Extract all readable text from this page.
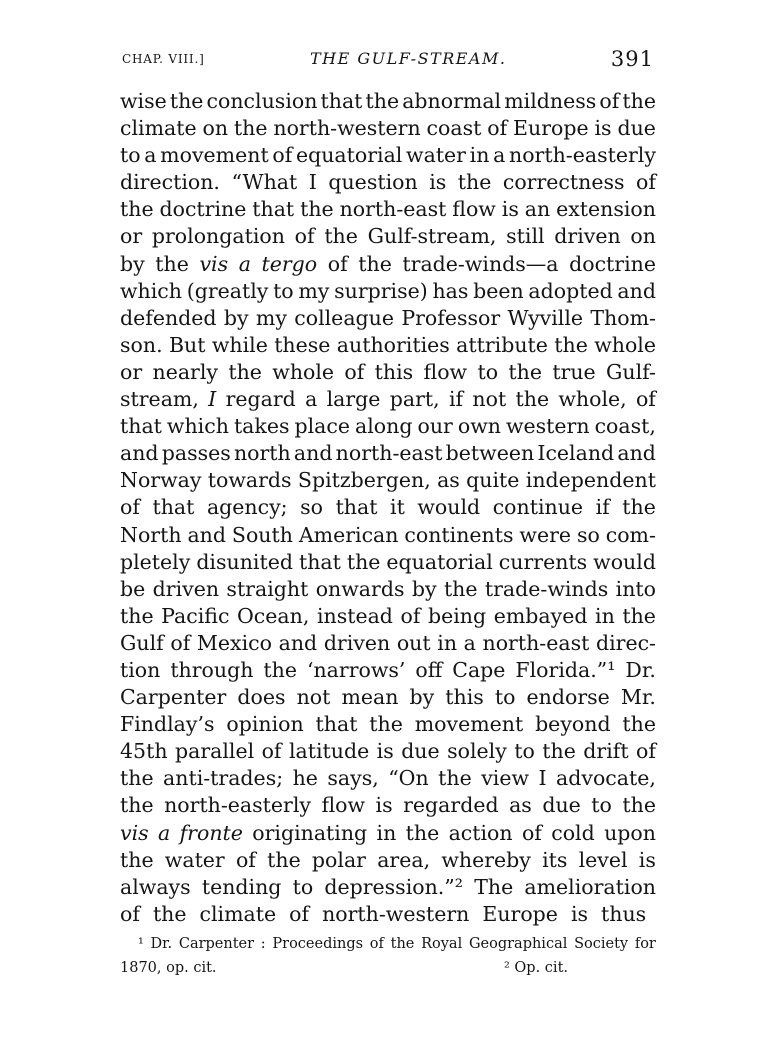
CHAP. VIII.]	THE GULF-STREAM.	391
wise the conclusion that the abnormal mildness of the
climate on the north-western coast of Europe is due
to a movement of equatorial water in a north-easterly
direction. “What I question is the correctness of
the doctrine that the north-east flow is an extension
or prolongation of the Gulf-stream, still driven on
by the vis a tergo of the trade-winds—a doctrine
which (greatly to my surprise) has been adopted and
defended by my colleague Professor Wyville Thom-
son. But while these authorities attribute the whole
or nearly the whole of this flow to the true Gulf-
stream, I regard a large part, if not the whole, of
that which takes place along our own western coast,
and passes north and north-east between Iceland and
Norway towards Spitzbergen, as quite independent
of that agency; so that it would continue if the
North and South American continents were so com-
pletely disunited that the equatorial currents would
be driven straight onwards by the trade-winds into
the Pacific Ocean, instead of being embayed in the
Gulf of Mexico and driven out in a north-east direc-
tion through the ‘narrows’ off Cape Florida.”¹ Dr.
Carpenter does not mean by this to endorse Mr.
Findlay’s opinion that the movement beyond the
45th parallel of latitude is due solely to the drift of
the anti-trades; he says, “On the view I advocate,
the north-easterly flow is regarded as due to the
vis a fronte originating in the action of cold upon
the water of the polar area, whereby its level is
always tending to depression.”² The amelioration
of the climate of north-western Europe is thus
¹ Dr. Carpenter : Proceedings of the Royal Geographical Society for
1870, op. cit.	² Op. cit.
